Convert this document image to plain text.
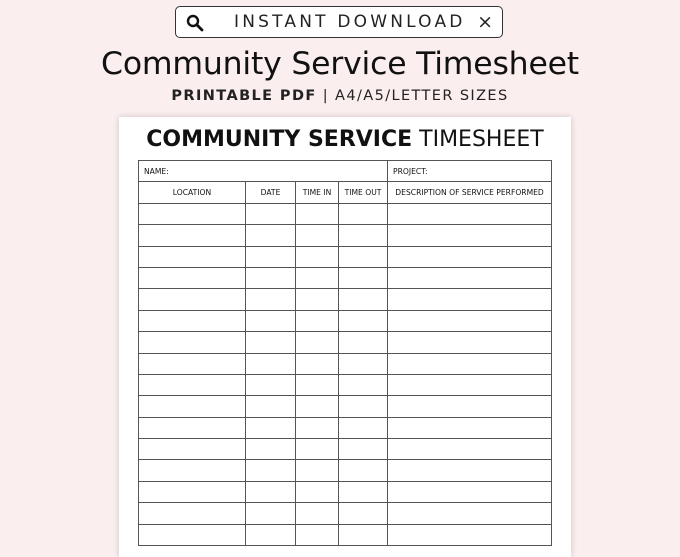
INSTANT DOWNLOAD ×
Community Service Timesheet
PRINTABLE PDF | A4/A5/LETTER SIZES
COMMUNITY SERVICE TIMESHEET
NAME:				PROJECT:
LOCATION	DATE	TIME IN	TIME OUT	DESCRIPTION OF SERVICE PERFORMED
